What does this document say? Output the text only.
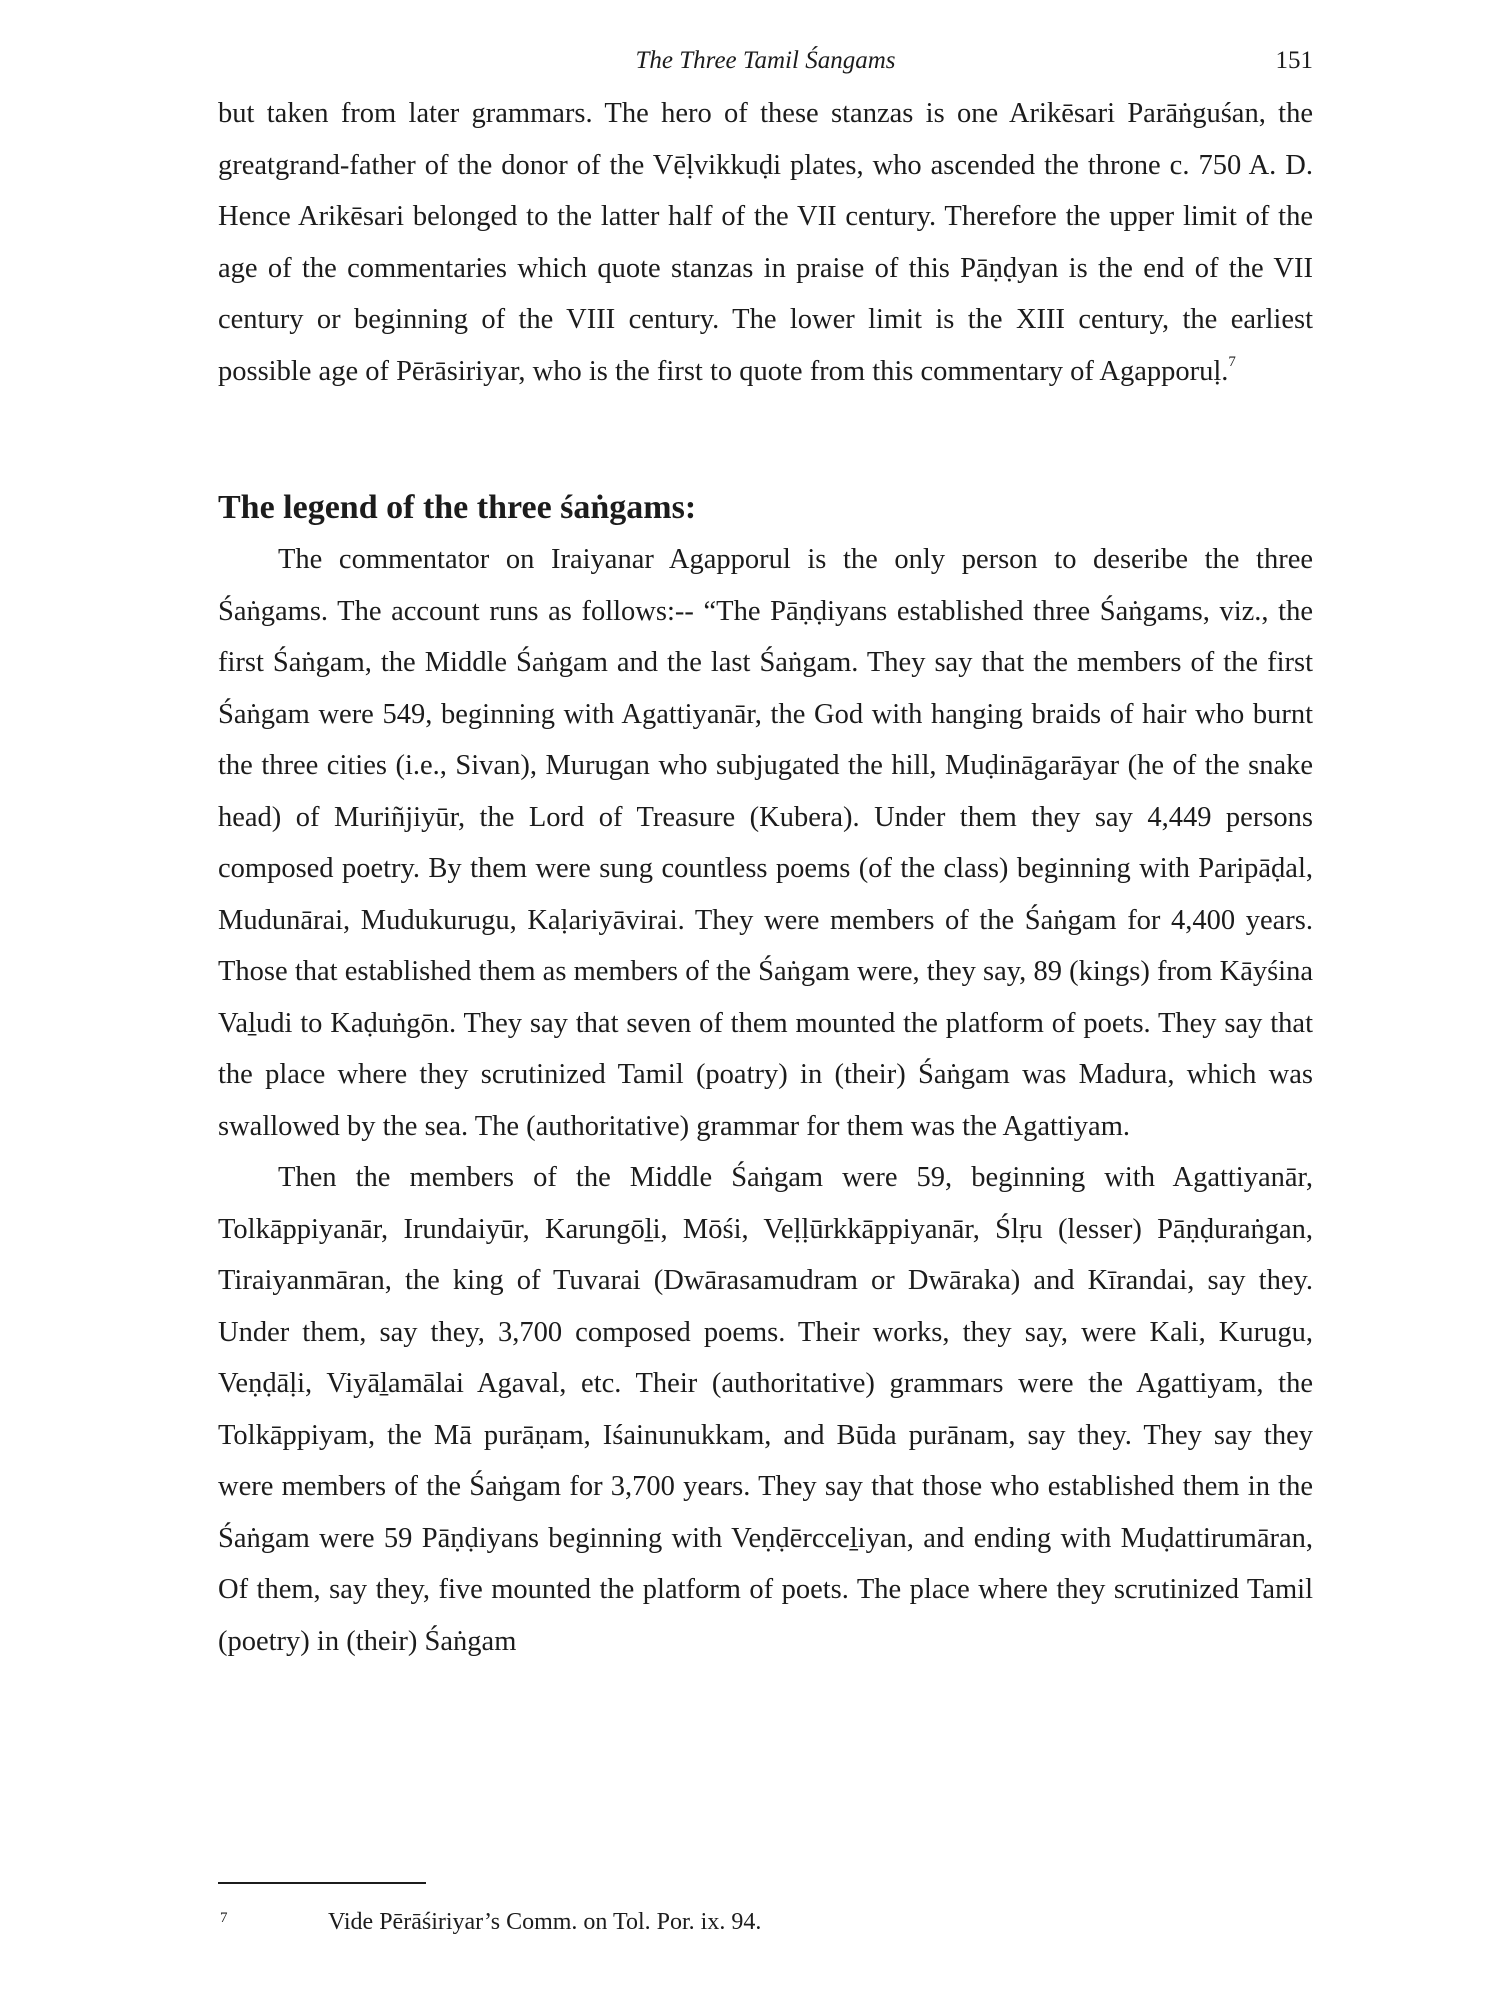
The Three Tamil Śangams	151

but taken from later grammars. The hero of these stanzas is one Arikēsari Parāṅguśan, the greatgrand-father of the donor of the Vēḷvikkuḍi plates, who ascended the throne c. 750 A. D. Hence Arikēsari belonged to the latter half of the VII century. Therefore the upper limit of the age of the commentaries which quote stanzas in praise of this Pāṇḍyan is the end of the VII century or beginning of the VIII century. The lower limit is the XIII century, the earliest possible age of Pērāsiriyar, who is the first to quote from this commentary of Agapporuḷ.$^7$

The legend of the three śaṅgams:

The commentator on Iraiyanar Agapporul is the only person to deseribe the three Śaṅgams. The account runs as follows:-- “The Pāṇḍiyans established three Śaṅgams, viz., the first Śaṅgam, the Middle Śaṅgam and the last Śaṅgam. They say that the members of the first Śaṅgam were 549, beginning with Agattiyanār, the God with hanging braids of hair who burnt the three cities (i.e., Sivan), Murugan who subjugated the hill, Muḍināgarāyar (he of the snake head) of Muriñjiyūr, the Lord of Treasure (Kubera). Under them they say 4,449 persons composed poetry. By them were sung countless poems (of the class) beginning with Paripāḍal, Mudunārai, Mudukurugu, Kaḷariyāvirai. They were members of the Śaṅgam for 4,400 years. Those that established them as members of the Śaṅgam were, they say, 89 (kings) from Kāyśina Vaḻudi to Kaḍuṅgōn. They say that seven of them mounted the platform of poets. They say that the place where they scrutinized Tamil (poatry) in (their) Śaṅgam was Madura, which was swallowed by the sea. The (authoritative) grammar for them was the Agattiyam.

Then the members of the Middle Śaṅgam were 59, beginning with Agattiyanār, Tolkāppiyanār, Irundaiyūr, Karungōḻi, Mōśi, Veḷḷūrkkāppiyanār, Ślṛu (lesser) Pāṇḍuraṅgan, Tiraiyanmāran, the king of Tuvarai (Dwārasamudram or Dwāraka) and Kīrandai, say they. Under them, say they, 3,700 composed poems. Their works, they say, were Kali, Kurugu, Veṇḍāḷi, Viyāḻamālai Agaval, etc. Their (authoritative) grammars were the Agattiyam, the Tolkāppiyam, the Mā purāṇam, Iśainunukkam, and Būda purānam, say they. They say they were members of the Śaṅgam for 3,700 years. They say that those who established them in the Śaṅgam were 59 Pāṇḍiyans beginning with Veṇḍērcceḻiyan, and ending with Muḍattirumāran, Of them, say they, five mounted the platform of poets. The place where they scrutinized Tamil (poetry) in (their) Śaṅgam

7	Vide Pērāśiriyar’s Comm. on Tol. Por. ix. 94.
